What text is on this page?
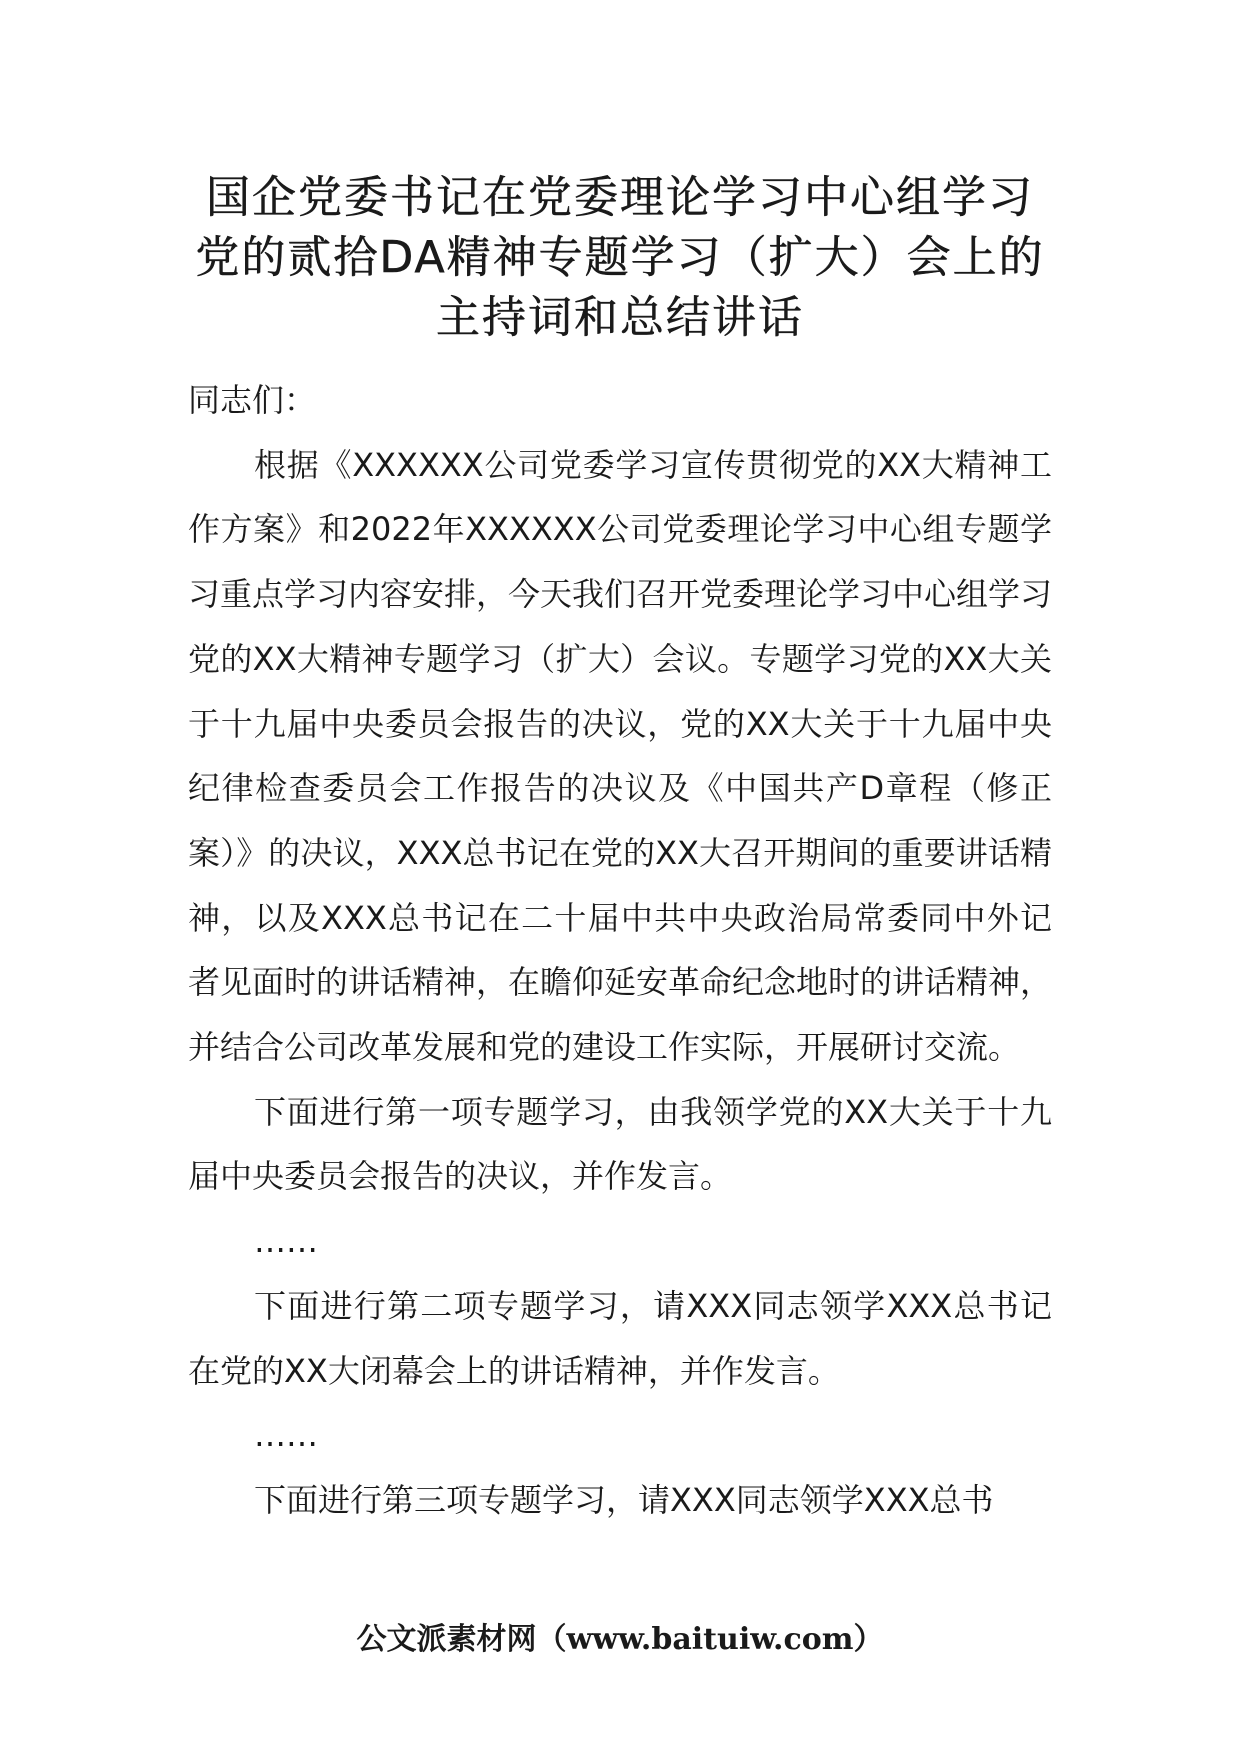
国企党委书记在党委理论学习中心组学习
党的贰拾DA精神专题学习（扩大）会上的
主持词和总结讲话

同志们：

根据《XXXXXX公司党委学习宣传贯彻党的XX大精神工作方案》和2022年XXXXXX公司党委理论学习中心组专题学习重点学习内容安排，今天我们召开党委理论学习中心组学习党的XX大精神专题学习（扩大）会议。专题学习党的XX大关于十九届中央委员会报告的决议，党的XX大关于十九届中央纪律检查委员会工作报告的决议及《中国共产D章程（修正案）》的决议，XXX总书记在党的XX大召开期间的重要讲话精神，以及XXX总书记在二十届中共中央政治局常委同中外记者见面时的讲话精神，在瞻仰延安革命纪念地时的讲话精神，并结合公司改革发展和党的建设工作实际，开展研讨交流。

下面进行第一项专题学习，由我领学党的XX大关于十九届中央委员会报告的决议，并作发言。

……

下面进行第二项专题学习，请XXX同志领学XXX总书记在党的XX大闭幕会上的讲话精神，并作发言。

……

下面进行第三项专题学习，请XXX同志领学XXX总书

公文派素材网（www.baituiw.com）
